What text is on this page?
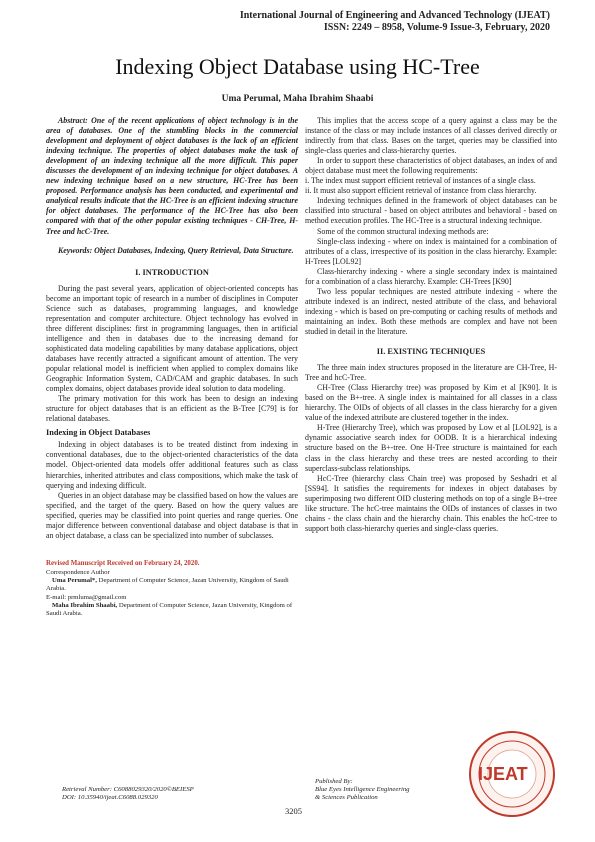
International Journal of Engineering and Advanced Technology (IJEAT)
ISSN: 2249 – 8958, Volume-9 Issue-3, February, 2020
Indexing Object Database using HC-Tree
Uma Perumal, Maha Ibrahim Shaabi

Abstract: One of the recent applications of object technology is in the area of databases. One of the stumbling blocks in the commercial development and deployment of object databases is the lack of an efficient indexing technique. The properties of object databases make the task of development of an indexing technique all the more difficult. This paper discusses the development of an indexing technique for object databases. A new indexing technique based on a new structure, HC-Tree has been proposed. Performance analysis has been conducted, and experimental and analytical results indicate that the HC-Tree is an efficient indexing structure for object databases. The performance of the HC-Tree has also been compared with that of the other popular existing techniques - CH-Tree, H-Tree and hcC-Tree.

Keywords: Object Databases, Indexing, Query Retrieval, Data Structure.

I. INTRODUCTION

During the past several years, application of object-oriented concepts has become an important topic of research in a number of disciplines in Computer Science such as databases, programming languages, and knowledge representation and computer architecture. Object technology has evolved in three different disciplines: first in programming languages, then in artificial intelligence and then in databases due to the increasing demand for sophisticated data modeling capabilities by many database applications, object databases have recently attracted a significant amount of attention. The very popular relational model is inefficient when applied to complex domains like Geographic Information System, CAD/CAM and graphic databases. In such complex domains, object databases provide ideal solution to data modeling.

The primary motivation for this work has been to design an indexing structure for object databases that is an efficient as the B-Tree [C79] is for relational databases.

Indexing in Object Databases

Indexing in object databases is to be treated distinct from indexing in conventional databases, due to the object-oriented characteristics of the data model. Object-oriented data models offer additional features such as class hierarchies, inherited attributes and class compositions, which make the task of querying and indexing difficult.

Queries in an object database may be classified based on how the values are specified, and the target of the query. Based on how the query values are specified, queries may be classified into point queries and range queries. One major difference between conventional database and object database is that in an object database, a class can be specialized into number of subclasses.

Revised Manuscript Received on February 24, 2020.

Correspondence Author

Uma Perumal*, Department of Computer Science, Jazan University, Kingdom of Saudi Arabia.

E-mail: prmluma@gmail.com

Maha Ibrahim Shaabi, Department of Computer Science, Jazan University, Kingdom of Saudi Arabia.

This implies that the access scope of a query against a class may be the instance of the class or may include instances of all classes derived directly or indirectly from that class. Bases on the target, queries may be classified into single-class queries and class-hierarchy queries.

In order to support these characteristics of object databases, an index of and object database must meet the following requirements:

i. The index must support efficient retrieval of instances of a single class.

ii. It must also support efficient retrieval of instance from class hierarchy.

Indexing techniques defined in the framework of object databases can be classified into structural - based on object attributes and behavioral - based on method execution profiles. The HC-Tree is a structural indexing technique.

Some of the common structural indexing methods are:

Single-class indexing - where on index is maintained for a combination of attributes of a class, irrespective of its position in the class hierarchy. Example: H-Trees [LOL92]

Class-hierarchy indexing - where a single secondary index is maintained for a combination of a class hierarchy. Example: CH-Trees [K90]

Two less popular techniques are nested attribute indexing - where the attribute indexed is an indirect, nested attribute of the class, and behavioral indexing - which is based on pre-computing or caching results of methods and maintaining an index. Both these methods are complex and have not been studied in detail in the literature.

II. EXISTING TECHNIQUES

The three main index structures proposed in the literature are CH-Tree, H-Tree and hcC-Tree.

CH-Tree (Class Hierarchy tree) was proposed by Kim et al [K90]. It is based on the B+-tree. A single index is maintained for all classes in a class hierarchy. The OIDs of objects of all classes in the class hierarchy for a given value of the indexed attribute are clustered together in the index.

H-Tree (Hierarchy Tree), which was proposed by Low et al [LOL92], is a dynamic associative search index for OODB. It is a hierarchical indexing structure based on the B+-tree. One H-Tree structure is maintained for each class in the class hierarchy and these trees are nested according to their superclass-subclass relationships.

HcC-Tree (hierarchy class Chain tree) was proposed by Seshadri et al [SS94]. It satisfies the requirements for indexes in object databases by superimposing two different OID clustering methods on top of a single B+-tree like structure. The hcC-tree maintains the OIDs of instances of classes in two chains - the class chain and the hierarchy chain. This enables the hcC-tree to support both class-hierarchy queries and single-class queries.

Retrieval Number: C6088029320/2020©BEIESP
DOI: 10.35940/ijeat.C6088.029320
3205
Published By:
Blue Eyes Intelligence Engineering
& Sciences Publication
IJEAT
